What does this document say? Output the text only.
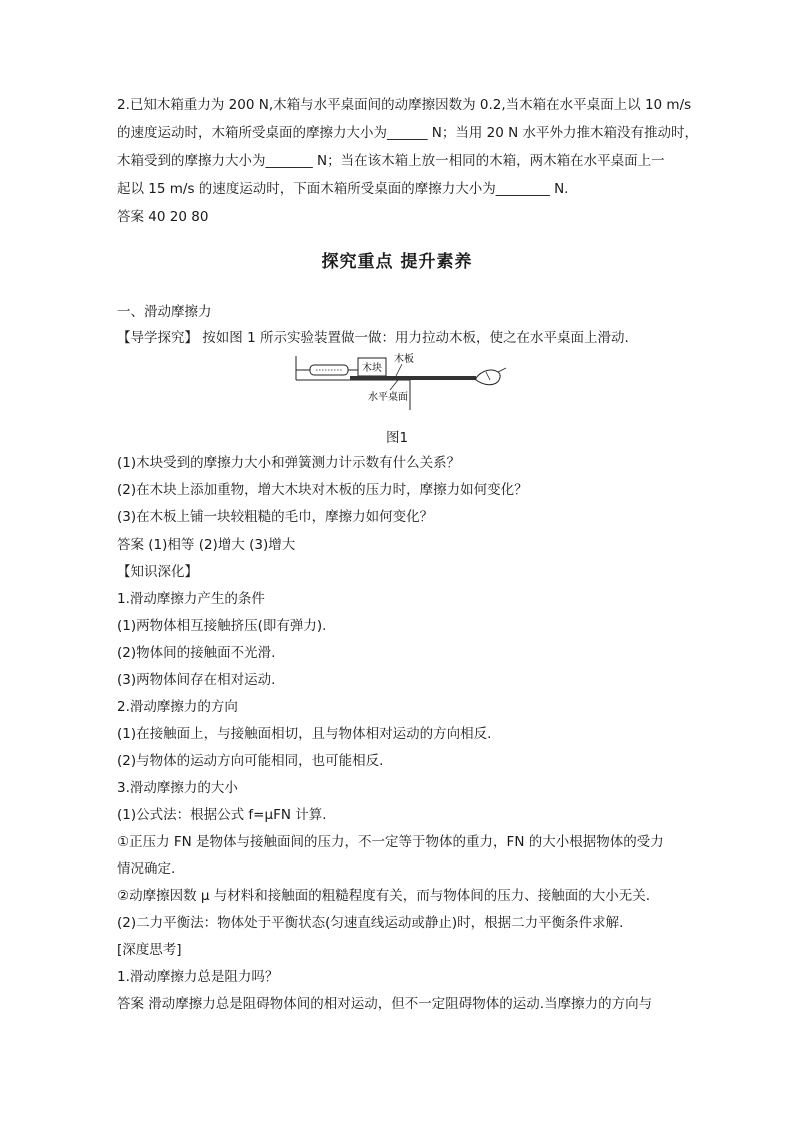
2.已知木箱重力为 200 N,木箱与水平桌面间的动摩擦因数为 0.2,当木箱在水平桌面上以 10 m/s
的速度运动时，木箱所受桌面的摩擦力大小为______ N；当用 20 N 水平外力推木箱没有推动时，
木箱受到的摩擦力大小为_______ N；当在该木箱上放一相同的木箱，两木箱在水平桌面上一
起以 15 m/s 的速度运动时，下面木箱所受桌面的摩擦力大小为________ N.
答案 40 20 80
探究重点 提升素养
一、滑动摩擦力
【导学探究】 按如图 1 所示实验装置做一做：用力拉动木板，使之在水平桌面上滑动.
木块
木板
水平桌面
图1
(1)木块受到的摩擦力大小和弹簧测力计示数有什么关系？
(2)在木块上添加重物，增大木块对木板的压力时，摩擦力如何变化？
(3)在木板上铺一块较粗糙的毛巾，摩擦力如何变化？
答案 (1)相等 (2)增大 (3)增大
【知识深化】
1.滑动摩擦力产生的条件
(1)两物体相互接触挤压(即有弹力).
(2)物体间的接触面不光滑.
(3)两物体间存在相对运动.
2.滑动摩擦力的方向
(1)在接触面上，与接触面相切，且与物体相对运动的方向相反.
(2)与物体的运动方向可能相同，也可能相反.
3.滑动摩擦力的大小
(1)公式法：根据公式 f=μFN 计算.
①正压力 FN 是物体与接触面间的压力，不一定等于物体的重力，FN 的大小根据物体的受力
情况确定.
②动摩擦因数 μ 与材料和接触面的粗糙程度有关，而与物体间的压力、接触面的大小无关.
(2)二力平衡法：物体处于平衡状态(匀速直线运动或静止)时，根据二力平衡条件求解.
[深度思考]
1.滑动摩擦力总是阻力吗？
答案 滑动摩擦力总是阻碍物体间的相对运动，但不一定阻碍物体的运动.当摩擦力的方向与
